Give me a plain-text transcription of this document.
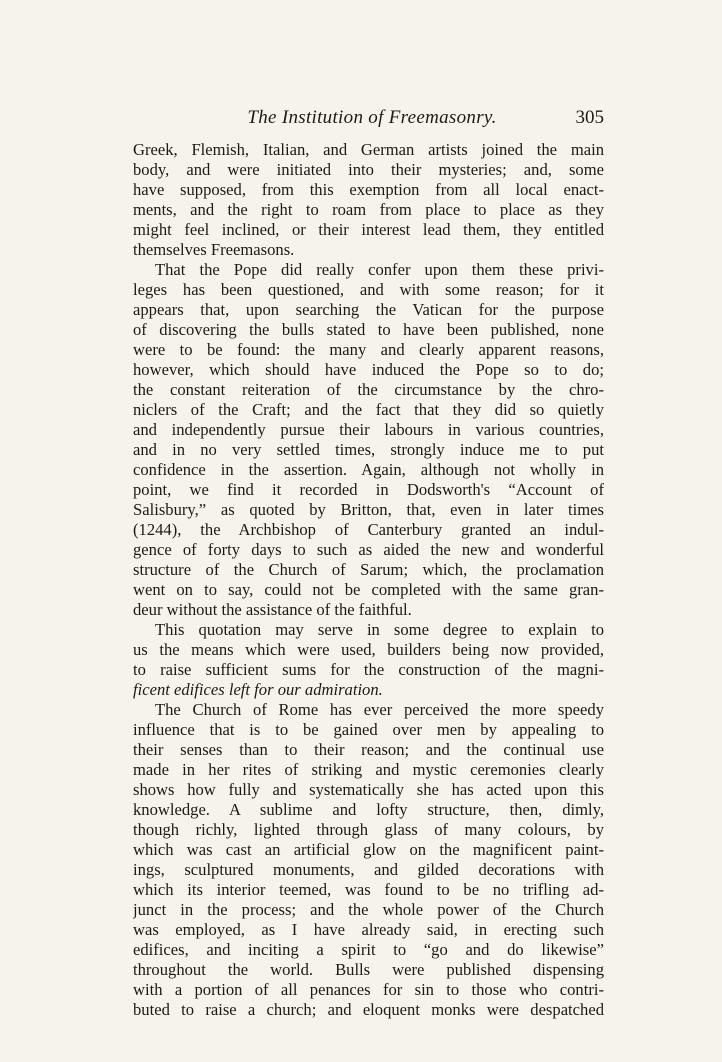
The Institution of Freemasonry.	305
Greek, Flemish, Italian, and German artists joined the main
body, and were initiated into their mysteries; and, some
have supposed, from this exemption from all local enact-
ments, and the right to roam from place to place as they
might feel inclined, or their interest lead them, they entitled
themselves Freemasons.
That the Pope did really confer upon them these privi-
leges has been questioned, and with some reason; for it
appears that, upon searching the Vatican for the purpose
of discovering the bulls stated to have been published, none
were to be found: the many and clearly apparent reasons,
however, which should have induced the Pope so to do;
the constant reiteration of the circumstance by the chro-
niclers of the Craft; and the fact that they did so quietly
and independently pursue their labours in various countries,
and in no very settled times, strongly induce me to put
confidence in the assertion. Again, although not wholly in
point, we find it recorded in Dodsworth's “Account of
Salisbury,” as quoted by Britton, that, even in later times
(1244), the Archbishop of Canterbury granted an indul-
gence of forty days to such as aided the new and wonderful
structure of the Church of Sarum; which, the proclamation
went on to say, could not be completed with the same gran-
deur without the assistance of the faithful.
This quotation may serve in some degree to explain to
us the means which were used, builders being now provided,
to raise sufficient sums for the construction of the magni-
ficent edifices left for our admiration.
The Church of Rome has ever perceived the more speedy
influence that is to be gained over men by appealing to
their senses than to their reason; and the continual use
made in her rites of striking and mystic ceremonies clearly
shows how fully and systematically she has acted upon this
knowledge. A sublime and lofty structure, then, dimly,
though richly, lighted through glass of many colours, by
which was cast an artificial glow on the magnificent paint-
ings, sculptured monuments, and gilded decorations with
which its interior teemed, was found to be no trifling ad-
junct in the process; and the whole power of the Church
was employed, as I have already said, in erecting such
edifices, and inciting a spirit to “go and do likewise”
throughout the world. Bulls were published dispensing
with a portion of all penances for sin to those who contri-
buted to raise a church; and eloquent monks were despatched
